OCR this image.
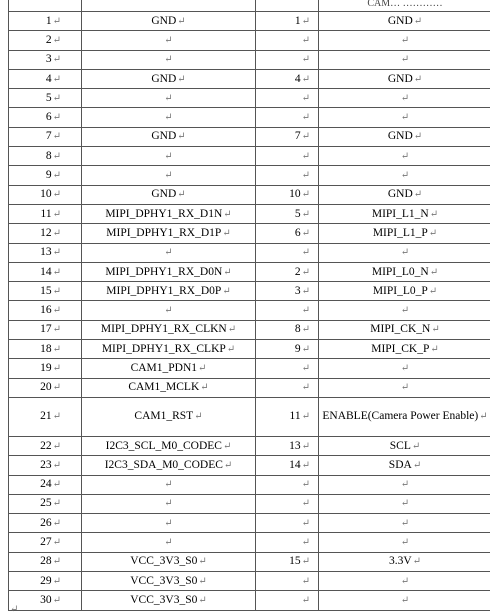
CAM… …………
1 ↵	GND ↵	1 ↵	GND ↵
2 ↵	↵	↵	↵
3 ↵	↵	↵	↵
4 ↵	GND ↵	4 ↵	GND ↵
5 ↵	↵	↵	↵
6 ↵	↵	↵	↵
7 ↵	GND ↵	7 ↵	GND ↵
8 ↵	↵	↵	↵
9 ↵	↵	↵	↵
10 ↵	GND ↵	10 ↵	GND ↵
11 ↵	MIPI_DPHY1_RX_D1N ↵	5 ↵	MIPI_L1_N ↵
12 ↵	MIPI_DPHY1_RX_D1P ↵	6 ↵	MIPI_L1_P ↵
13 ↵	↵	↵	↵
14 ↵	MIPI_DPHY1_RX_D0N ↵	2 ↵	MIPI_L0_N ↵
15 ↵	MIPI_DPHY1_RX_D0P ↵	3 ↵	MIPI_L0_P ↵
16 ↵	↵	↵	↵
17 ↵	MIPI_DPHY1_RX_CLKN ↵	8 ↵	MIPI_CK_N ↵
18 ↵	MIPI_DPHY1_RX_CLKP ↵	9 ↵	MIPI_CK_P ↵
19 ↵	CAM1_PDN1 ↵	↵	↵
20 ↵	CAM1_MCLK ↵	↵	↵
21 ↵	CAM1_RST ↵	11 ↵ ENABLE(Camera Power Enable) ↵
22 ↵	I2C3_SCL_M0_CODEC ↵	13 ↵	SCL ↵
23 ↵	I2C3_SDA_M0_CODEC ↵	14 ↵	SDA ↵
24 ↵	↵	↵	↵
25 ↵	↵	↵	↵
26 ↵	↵	↵	↵
27 ↵	↵	↵	↵
28 ↵	VCC_3V3_S0 ↵	15 ↵	3.3V ↵
29 ↵	VCC_3V3_S0 ↵	↵	↵
30 ↵	VCC_3V3_S0 ↵	↵	↵
↵
